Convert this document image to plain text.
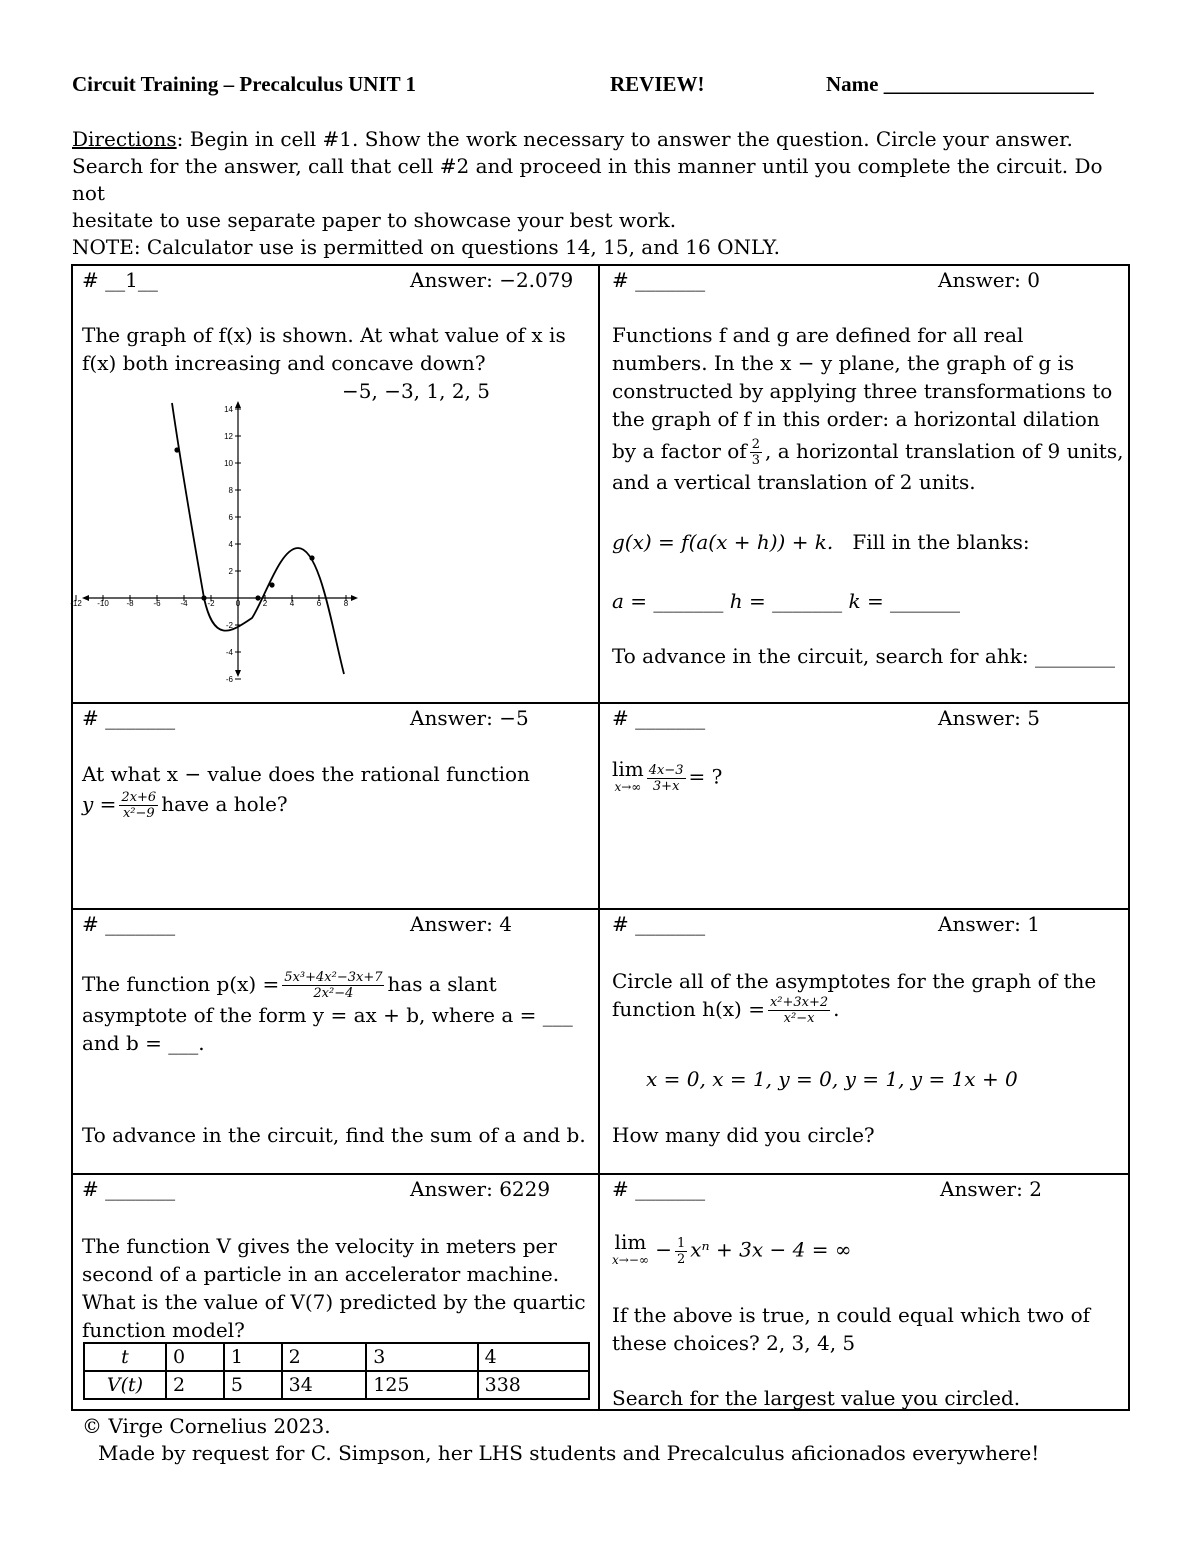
Circuit Training – Precalculus UNIT 1	REVIEW!	Name ____________________
Directions: Begin in cell #1. Show the work necessary to answer the question. Circle your answer.
Search for the answer, call that cell #2 and proceed in this manner until you complete the circuit. Do not
hesitate to use separate paper to showcase your best work.
NOTE: Calculator use is permitted on questions 14, 15, and 16 ONLY.
# __1__	Answer: −2.079
The graph of f(x) is shown. At what value of x is
f(x) both increasing and concave down?
−5, −3, 1, 2, 5
-12 -10 -8 -6 -4 -2	0	2	4	6	8
14
12
10
8
6
4
2
-2
-4
-6
# _______	Answer: 0
Functions f and g are defined for all real
numbers. In the x − y plane, the graph of g is
constructed by applying three transformations to
the graph of f in this order: a horizontal dilation
by a factor of $\frac{2}{3}$ , a horizontal translation of 9 units,
and a vertical translation of 2 units.
g(x) = f(a(x + h)) + k. Fill in the blanks:
a = _______ h = _______ k = _______
To advance in the circuit, search for ahk: ________
# _______	Answer: −5
At what x − value does the rational function
$y = \frac{2x+6}{\text{x²−9}}$ have a hole?
# _______	Answer: 5
lim
$x\to\infty \frac{4x-3}{3+x}$ = ?
# _______	Answer: 4
The function $p(x) = \frac{\text{5x³+4x²−3x+7}}{\text{2x²−4}}$ has a slant
asymptote of the form y = ax + b, where a = ___
and b = ___.
To advance in the circuit, find the sum of a and b.
# _______	Answer: 1
Circle all of the asymptotes for the graph of the
function $h(x) = \frac{\text{x²+3x+2}}{\text{x²−x}}$ .
x = 0, x = 1, y = 0, y = 1, y = 1x + 0
How many did you circle?
# _______	Answer: 6229
The function V gives the velocity in meters per
second of a particle in an accelerator machine.
What is the value of V(7) predicted by the quartic
function model?
t	0	1	2	3	4
V(t)	2	5	34	125	338
# _______	Answer: 2
lim
$x\to-\infty - \frac{1}{2}$ xⁿ + 3x − 4 = ∞
If the above is true, n could equal which two of
these choices? 2, 3, 4, 5
Search for the largest value you circled.
© Virge Cornelius 2023.
Made by request for C. Simpson, her LHS students and Precalculus aficionados everywhere!
